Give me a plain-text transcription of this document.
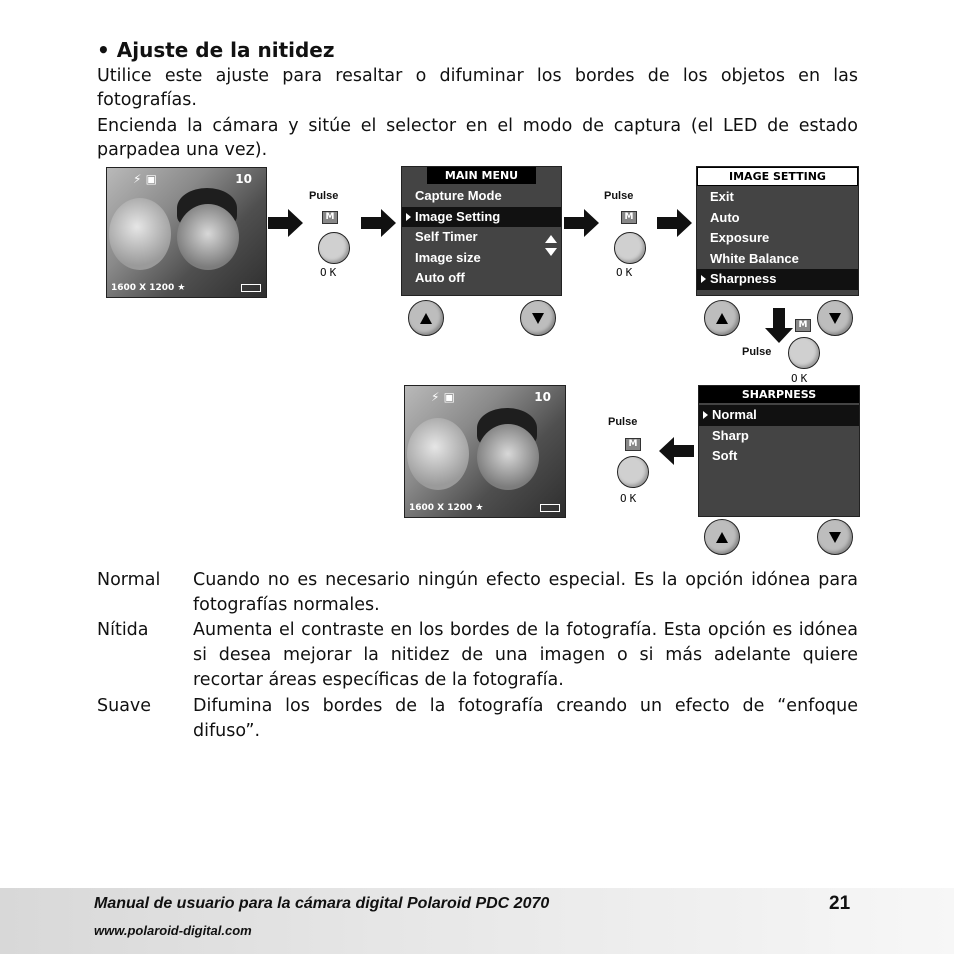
• Ajuste de la nitidez
Utilice este ajuste para resaltar o difuminar los bordes de los objetos en las fotografías.
Encienda la cámara y sitúe el selector en el modo de captura (el LED de estado parpadea una vez).
⚡ ▣	10
1600 X 1200 ★
Pulse
M
OK
MAIN MENU
Capture Mode
Image Setting
Self Timer
Image size
Auto off
Pulse
M
OK
IMAGE SETTING
Exit
Auto
Exposure
White Balance
Sharpness
Pulse
M
OK
SHARPNESS
Normal
Sharp
Soft
Pulse
M
OK
⚡ ▣	10
1600 X 1200 ★
Normal Cuando no es necesario ningún efecto especial. Es la opción idónea para fotografías normales.
Nítida	Aumenta el contraste en los bordes de la fotografía. Esta opción es idónea si desea mejorar la nitidez de una imagen o si más adelante quiere recortar áreas específicas de la fotografía.
Suave Difumina los bordes de la fotografía creando un efecto de “enfoque difuso”.
Manual de usuario para la cámara digital Polaroid PDC 2070
www.polaroid-digital.com
21
